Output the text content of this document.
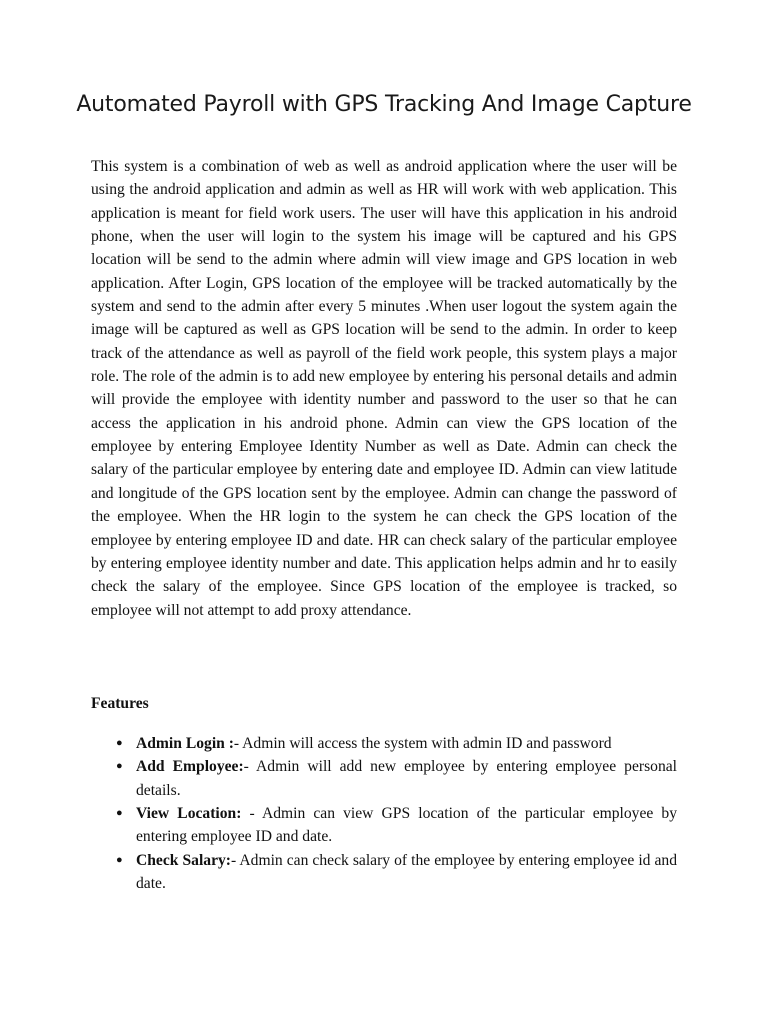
Automated Payroll with GPS Tracking And Image Capture

This system is a combination of web as well as android application where the user will be using the android application and admin as well as HR will work with web application. This application is meant for field work users. The user will have this application in his android phone, when the user will login to the system his image will be captured and his GPS location will be send to the admin where admin will view image and GPS location in web application. After Login, GPS location of the employee will be tracked automatically by the system and send to the admin after every 5 minutes .When user logout the system again the image will be captured as well as GPS location will be send to the admin. In order to keep track of the attendance as well as payroll of the field work people, this system plays a major role. The role of the admin is to add new employee by entering his personal details and admin will provide the employee with identity number and password to the user so that he can access the application in his android phone. Admin can view the GPS location of the employee by entering Employee Identity Number as well as Date. Admin can check the salary of the particular employee by entering date and employee ID. Admin can view latitude and longitude of the GPS location sent by the employee. Admin can change the password of the employee. When the HR login to the system he can check the GPS location of the employee by entering employee ID and date. HR can check salary of the particular employee by entering employee identity number and date. This application helps admin and hr to easily check the salary of the employee. Since GPS location of the employee is tracked, so employee will not attempt to add proxy attendance.

Features
● Admin Login :- Admin will access the system with admin ID and password
● Add Employee:- Admin will add new employee by entering employee personal details.
● View Location: - Admin can view GPS location of the particular employee by entering employee ID and date.
● Check Salary:- Admin can check salary of the employee by entering employee id and date.
